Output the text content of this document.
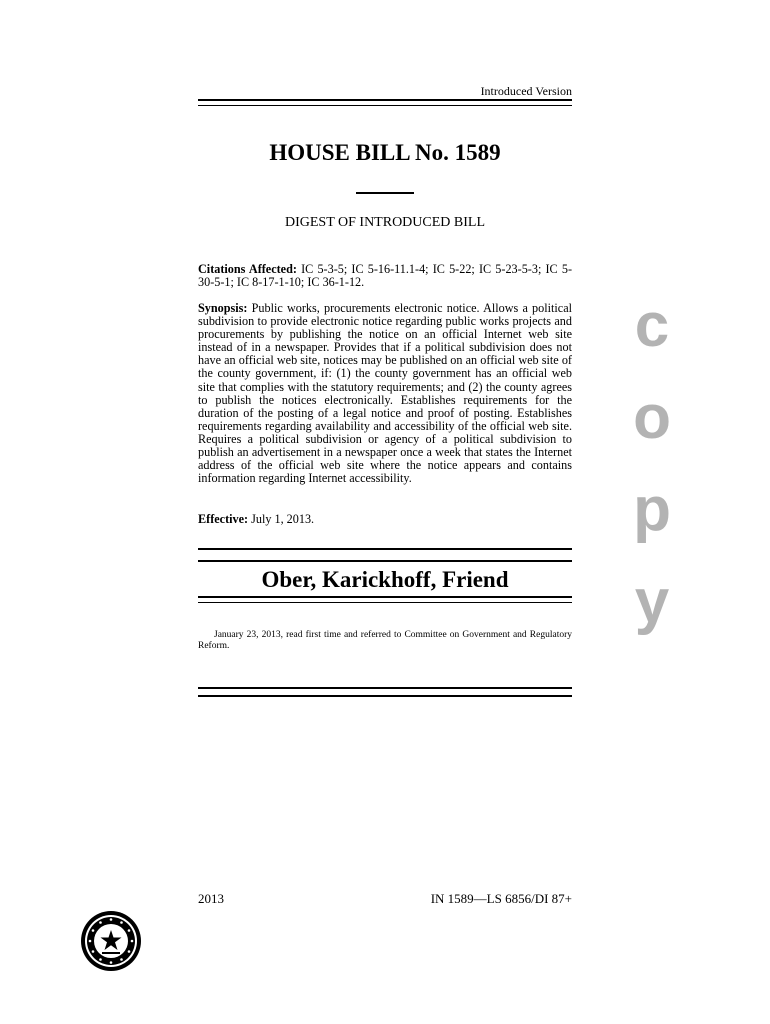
Introduced Version
HOUSE BILL No. 1589
DIGEST OF INTRODUCED BILL
Citations Affected: IC 5-3-5; IC 5-16-11.1-4; IC 5-22; IC 5-23-5-3; IC 5-30-5-1; IC 8-17-1-10; IC 36-1-12.
Synopsis: Public works, procurements electronic notice. Allows a political subdivision to provide electronic notice regarding public works projects and procurements by publishing the notice on an official Internet web site instead of in a newspaper. Provides that if a political subdivision does not have an official web site, notices may be published on an official web site of the county government, if: (1) the county government has an official web site that complies with the statutory requirements; and (2) the county agrees to publish the notices electronically. Establishes requirements for the duration of the posting of a legal notice and proof of posting. Establishes requirements regarding availability and accessibility of the official web site. Requires a political subdivision or agency of a political subdivision to publish an advertisement in a newspaper once a week that states the Internet address of the official web site where the notice appears and contains information regarding Internet accessibility.
Effective: July 1, 2013.
Ober, Karickhoff, Friend
January 23, 2013, read first time and referred to Committee on Government and Regulatory Reform.
c
o
p
y
2013	IN 1589—LS 6856/DI 87+
